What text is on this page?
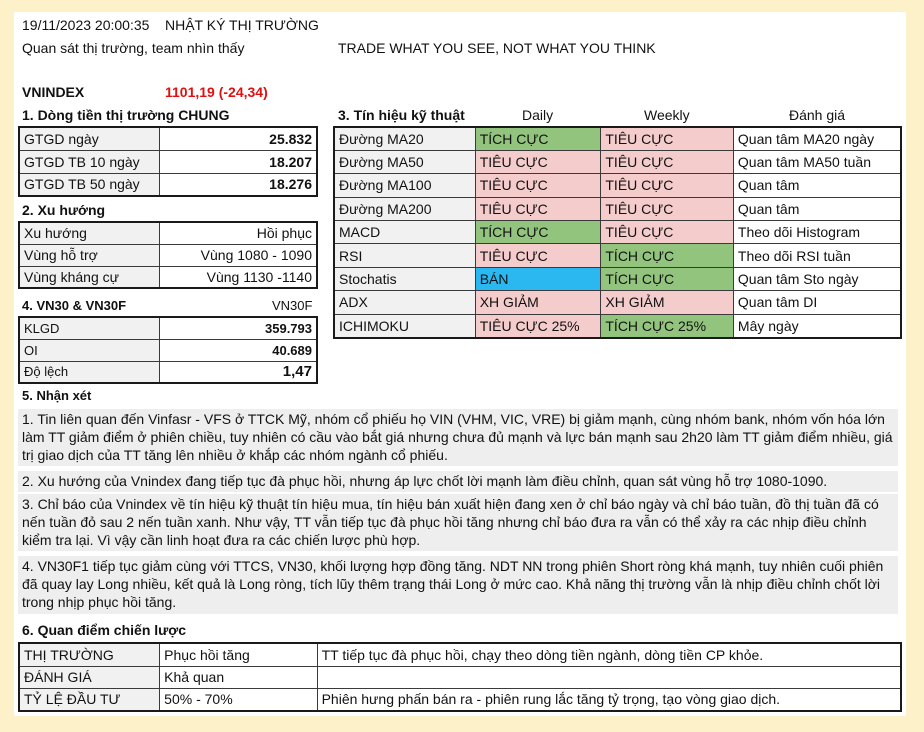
19/11/2023 20:00:35 NHẬT KÝ THỊ TRƯỜNG
Quan sát thị trường, team nhìn thấy	TRADE WHAT YOU SEE, NOT WHAT YOU THINK
VNINDEX	1101,19 (-24,34)
1. Dòng tiền thị trường CHUNG
GTGD ngày	25.832
GTGD TB 10 ngày	18.207
GTGD TB 50 ngày	18.276
2. Xu hướng
Xu hướng	Hồi phục
Vùng hỗ trợ	Vùng 1080 - 1090
Vùng kháng cự	Vùng 1130 -1140
4. VN30 & VN30F	VN30F
KLGD	359.793
OI	40.689
Độ lệch	1,47
3. Tín hiệu kỹ thuật	Daily	Weekly	Đánh giá
Đường MA20	TÍCH CỰC	TIÊU CỰC	Quan tâm MA20 ngày
Đường MA50	TIÊU CỰC	TIÊU CỰC	Quan tâm MA50 tuần
Đường MA100	TIÊU CỰC	TIÊU CỰC	Quan tâm
Đường MA200	TIÊU CỰC	TIÊU CỰC	Quan tâm
MACD	TÍCH CỰC	TIÊU CỰC	Theo dõi Histogram
RSI	TIÊU CỰC	TÍCH CỰC	Theo dõi RSI tuần
Stochatis	BÁN	TÍCH CỰC	Quan tâm Sto ngày
ADX	XH GIẢM	XH GIẢM	Quan tâm DI
ICHIMOKU	TIÊU CỰC 25%	TÍCH CỰC 25%	Mây ngày
5. Nhận xét
1. Tin liên quan đến Vinfasr - VFS ở TTCK Mỹ, nhóm cổ phiếu họ VIN (VHM, VIC, VRE) bị giảm mạnh, cùng nhóm bank, nhóm vốn hóa lớn làm TT giảm điểm ở phiên chiều, tuy nhiên có cầu vào bắt giá nhưng chưa đủ mạnh và lực bán mạnh sau 2h20 làm TT giảm điểm nhiều, giá trị giao dịch của TT tăng lên nhiều ở khắp các nhóm ngành cổ phiếu.
2. Xu hướng của Vnindex đang tiếp tục đà phục hồi, nhưng áp lực chốt lời mạnh làm điều chỉnh, quan sát vùng hỗ trợ 1080-1090.
3. Chỉ báo của Vnindex về tín hiệu kỹ thuật tín hiệu mua, tín hiệu bán xuất hiện đang xen ở chỉ báo ngày và chỉ báo tuần, đồ thị tuần đã có nến tuần đỏ sau 2 nến tuần xanh. Như vậy, TT vẫn tiếp tục đà phục hồi tăng nhưng chỉ báo đưa ra vẫn có thể xảy ra các nhịp điều chỉnh kiểm tra lại. Vì vậy cần linh hoạt đưa ra các chiến lược phù hợp.
4. VN30F1 tiếp tục giảm cùng với TTCS, VN30, khối lượng hợp đồng tăng. NDT NN trong phiên Short ròng khá mạnh, tuy nhiên cuối phiên đã quay lay Long nhiều, kết quả là Long ròng, tích lũy thêm trạng thái Long ở mức cao. Khả năng thị trường vẫn là nhịp điều chỉnh chốt lời trong nhịp phục hồi tăng.
6. Quan điểm chiến lược
THỊ TRƯỜNG	Phục hồi tăng	TT tiếp tục đà phục hồi, chạy theo dòng tiền ngành, dòng tiền CP khỏe.
ĐÁNH GIÁ	Khả quan	
TỶ LỆ ĐẦU TƯ	50% - 70%	Phiên hưng phấn bán ra - phiên rung lắc tăng tỷ trọng, tạo vòng giao dịch.
